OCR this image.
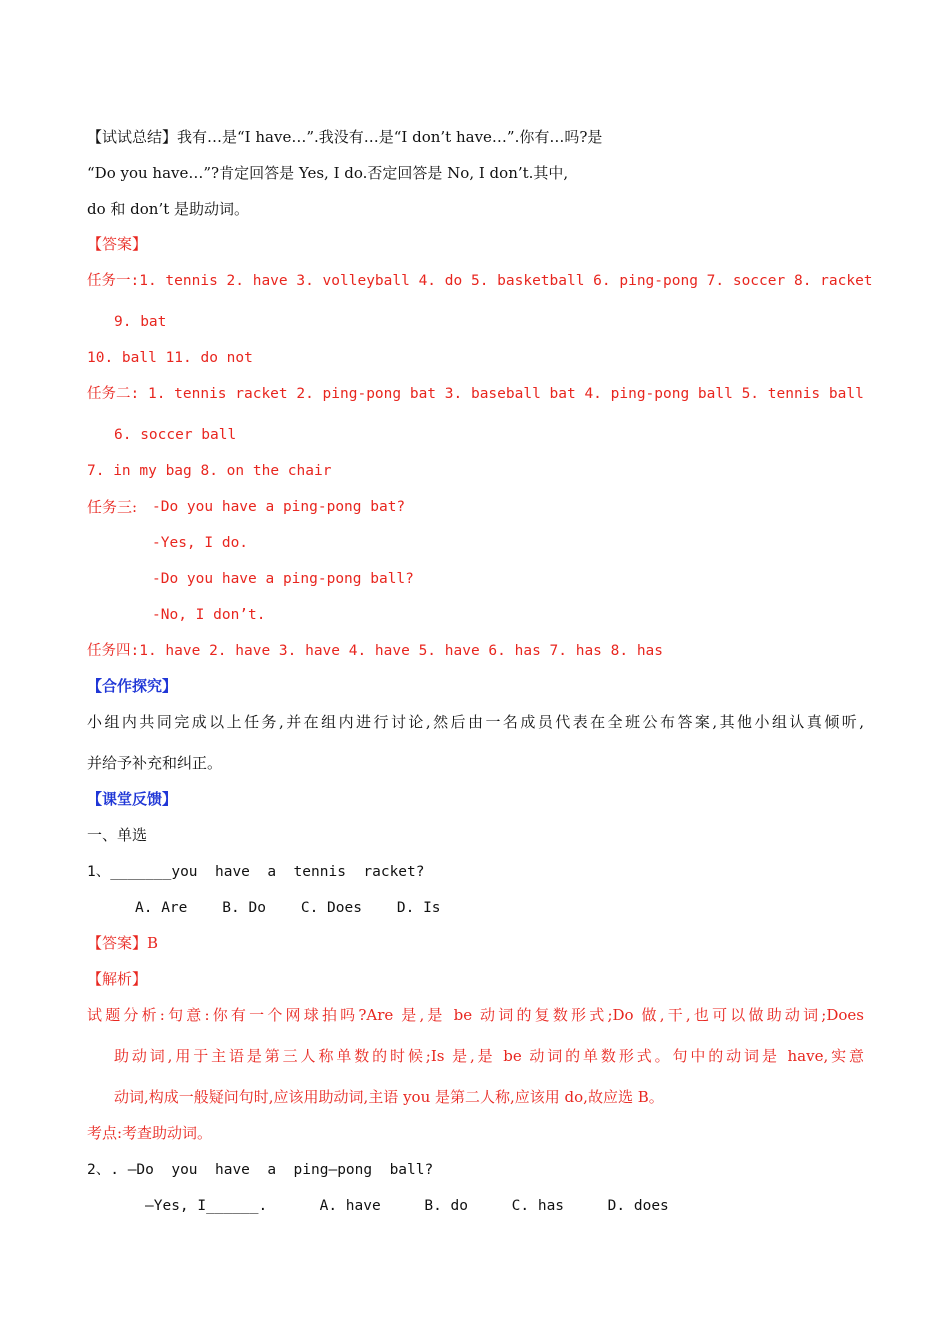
【试试总结】我有…是“I have…”.我没有…是“I don’t have…”.你有…吗?是
“Do you have…”?肯定回答是 Yes, I do.否定回答是 No, I don’t.其中,
do 和 don’t 是助动词。
【答案】
任务一:1. tennis 2. have 3. volleyball 4. do 5. basketball 6. ping-pong 7. soccer 8. racket
9. bat
10. ball 11. do not
任务二: 1. tennis racket 2. ping-pong bat 3. baseball bat 4. ping-pong ball 5. tennis ball
6. soccer ball
7. in my bag 8. on the chair
任务三: -Do you have a ping-pong bat?
-Yes, I do.
-Do you have a ping-pong ball?
-No, I don’t.
任务四:1. have 2. have 3. have 4. have 5. have 6. has 7. has 8. has
【合作探究】
小组内共同完成以上任务,并在组内进行讨论,然后由一名成员代表在全班公布答案,其他小组认真倾听,
并给予补充和纠正。
【课堂反馈】
一、单选
1、_______you  have  a  tennis  racket?
A. Are    B. Do    C. Does    D. Is
【答案】B
【解析】
试题分析:句意:你有一个网球拍吗?Are 是,是 be 动词的复数形式;Do 做,干,也可以做助动词;Does
助动词,用于主语是第三人称单数的时候;Is 是,是 be 动词的单数形式。句中的动词是 have,实意
动词,构成一般疑问句时,应该用助动词,主语 you 是第二人称,应该用 do,故应选 B。
考点:考查助动词。
2、. —Do  you  have  a  ping—pong  ball?
—Yes, I______.      A. have     B. do     C. has     D. does
